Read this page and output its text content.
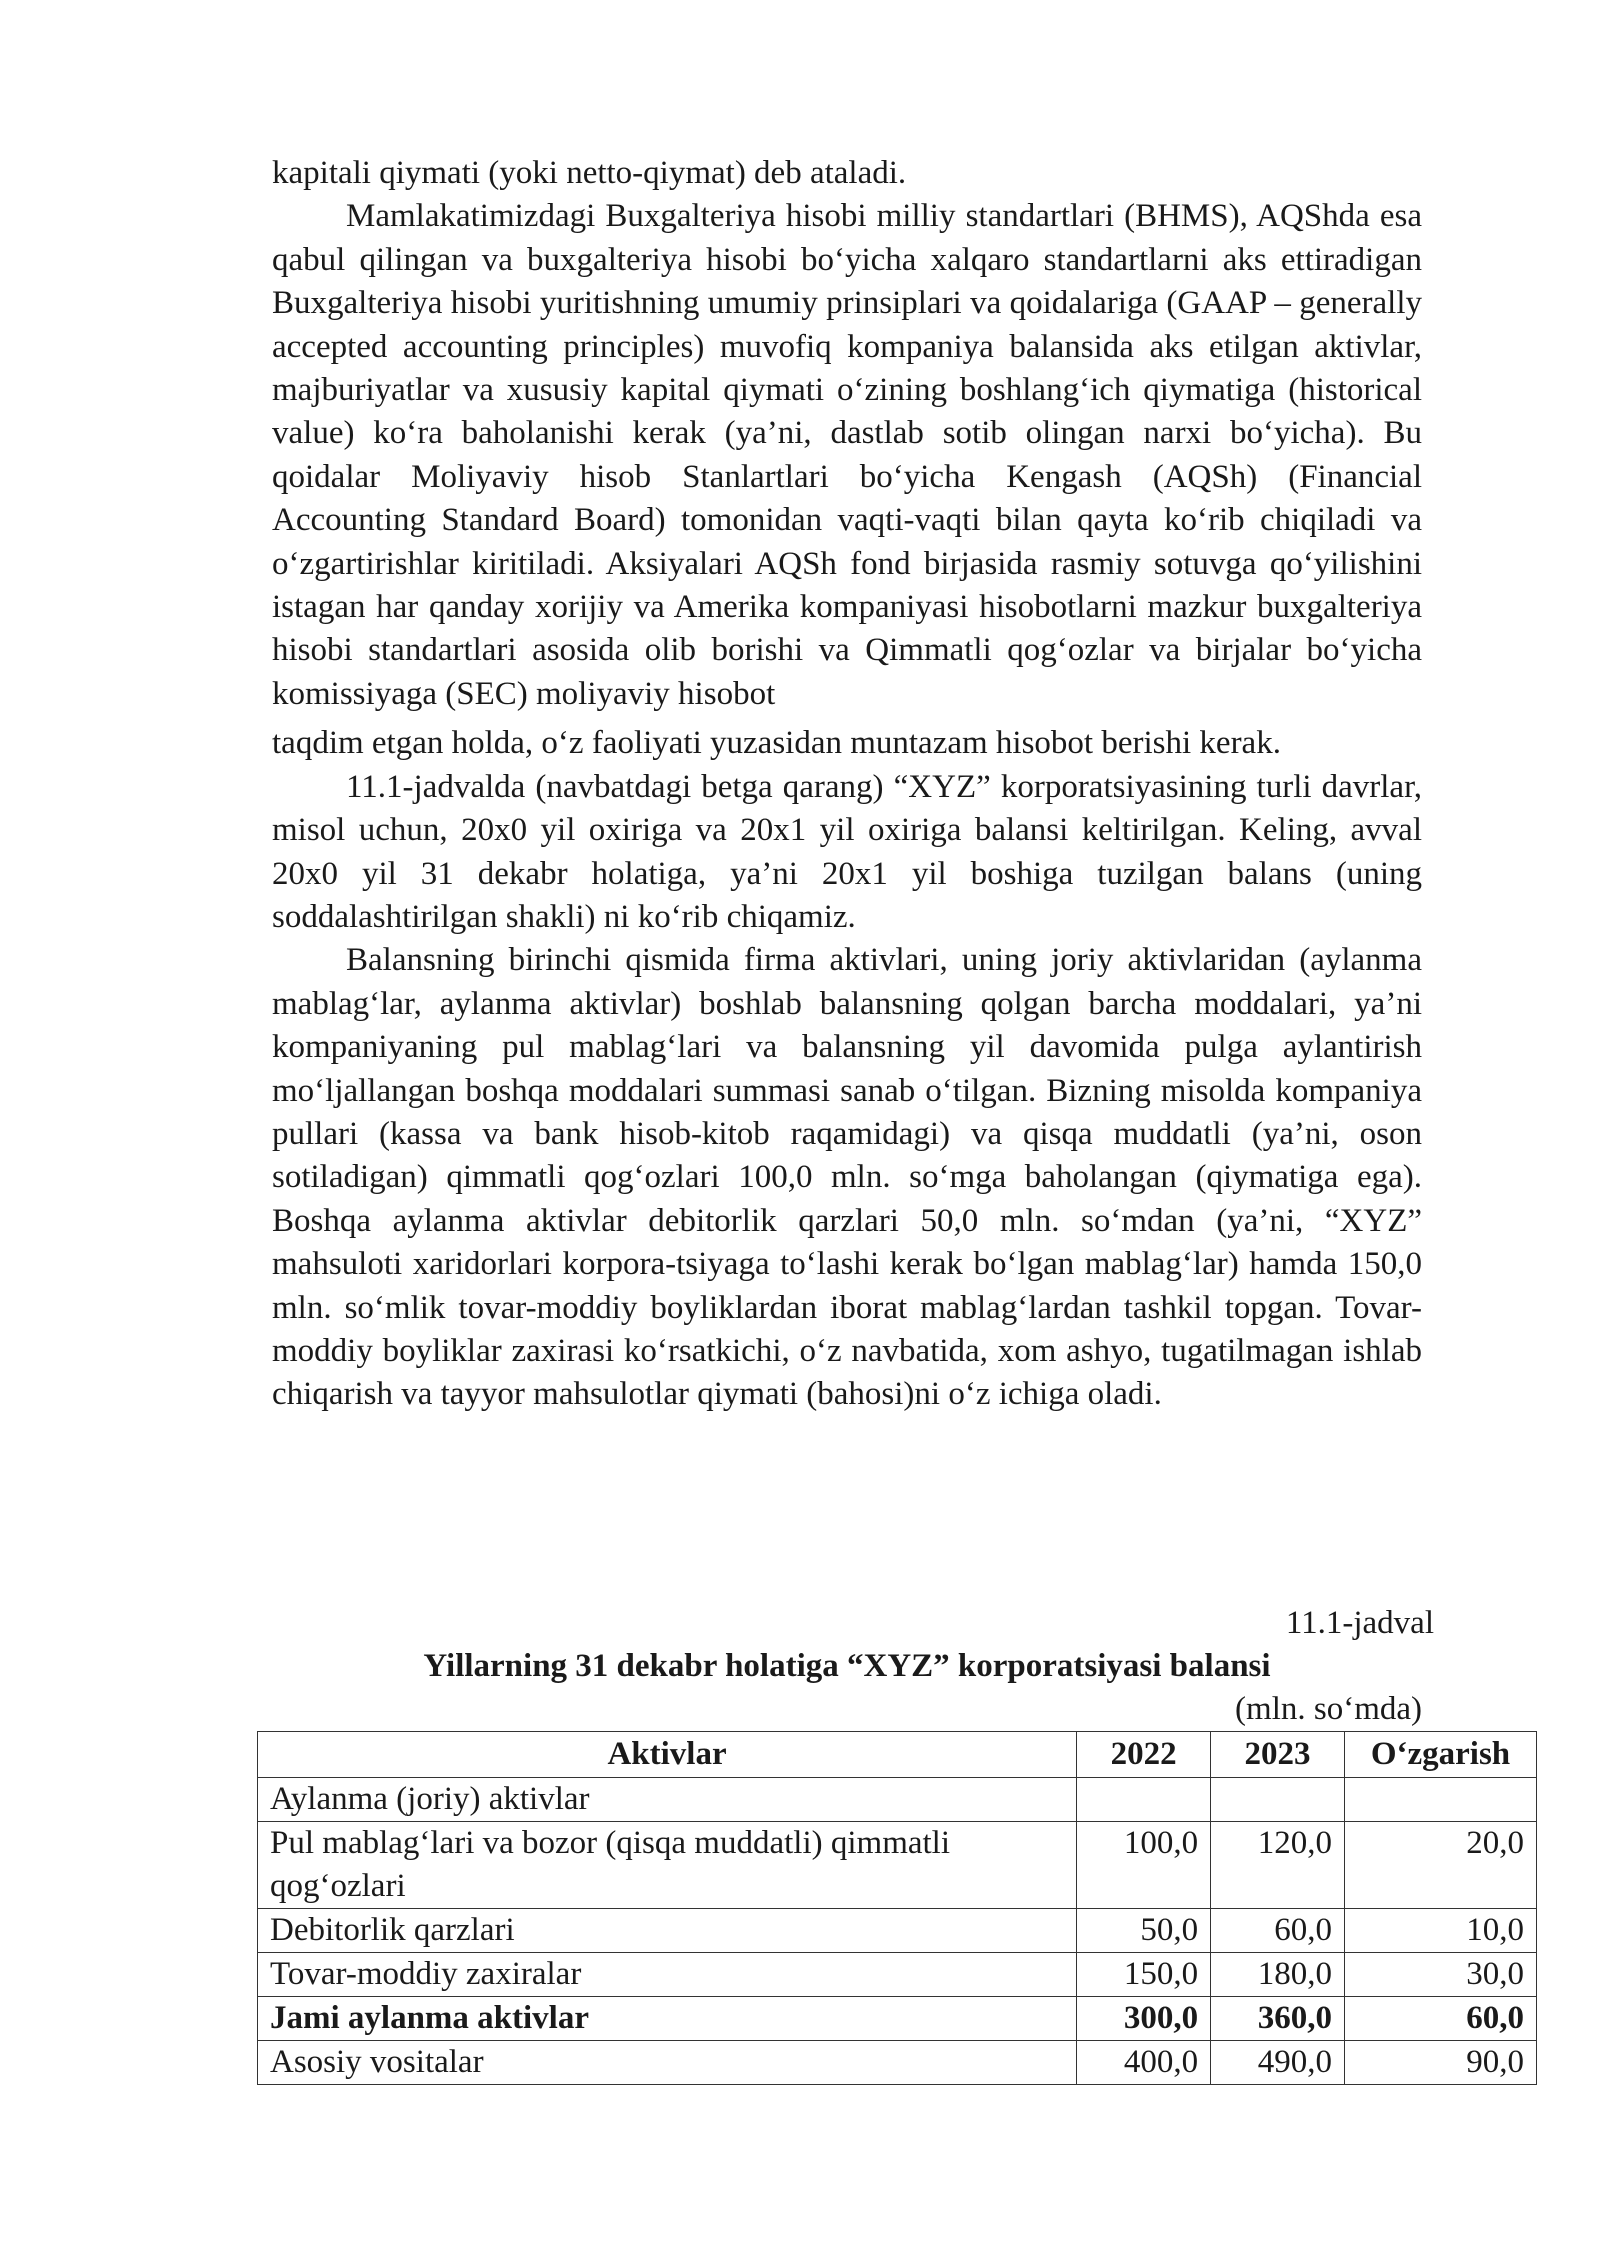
kapitali qiymati (yoki netto-qiymat) deb ataladi.

Mamlakatimizdagi Buxgalteriya hisobi milliy standartlari (BHMS), AQShda esa qabul qilingan va buxgalteriya hisobi bo‘yicha xalqaro standartlarni aks ettiradigan Buxgalteriya hisobi yuritishning umumiy prinsiplari va qoidalariga (GAAP – generally accepted accounting principles) muvofiq kompaniya balansida aks etilgan aktivlar, majburiyatlar va xususiy kapital qiymati o‘zining boshlang‘ich qiymatiga (historical value) ko‘ra baholanishi kerak (ya’ni, dastlab sotib olingan narxi bo‘yicha). Bu qoidalar Moliyaviy hisob Stanlartlari bo‘yicha Kengash (AQSh) (Financial Accounting Standard Board) tomonidan vaqti-vaqti bilan qayta ko‘rib chiqiladi va o‘zgartirishlar kiritiladi. Aksiyalari AQSh fond birjasida rasmiy sotuvga qo‘yilishini istagan har qanday xorijiy va Amerika kompaniyasi hisobotlarni mazkur buxgalteriya hisobi standartlari asosida olib borishi va Qimmatli qog‘ozlar va birjalar bo‘yicha komissiyaga (SEC) moliyaviy hisobot

taqdim etgan holda, o‘z faoliyati yuzasidan muntazam hisobot berishi kerak.

11.1-jadvalda (navbatdagi betga qarang) “XYZ” korporatsiyasining turli davrlar, misol uchun, 20x0 yil oxiriga va 20x1 yil oxiriga balansi keltirilgan. Keling, avval 20x0 yil 31 dekabr holatiga, ya’ni 20x1 yil boshiga tuzilgan balans (uning soddalashtirilgan shakli) ni ko‘rib chiqamiz.

Balansning birinchi qismida firma aktivlari, uning joriy aktivlaridan (aylanma mablag‘lar, aylanma aktivlar) boshlab balansning qolgan barcha moddalari, ya’ni kompaniyaning pul mablag‘lari va balansning yil davomida pulga aylantirish mo‘ljallangan boshqa moddalari summasi sanab o‘tilgan. Bizning misolda kompaniya pullari (kassa va bank hisob-kitob raqamidagi) va qisqa muddatli (ya’ni, oson sotiladigan) qimmatli qog‘ozlari 100,0 mln. so‘mga baholangan (qiymatiga ega). Boshqa aylanma aktivlar debitorlik qarzlari 50,0 mln. so‘mdan (ya’ni, “XYZ” mahsuloti xaridorlari korpora-tsiyaga to‘lashi kerak bo‘lgan mablag‘lar) hamda 150,0 mln. so‘mlik tovar-moddiy boyliklardan iborat mablag‘lardan tashkil topgan. Tovar-moddiy boyliklar zaxirasi ko‘rsatkichi, o‘z navbatida, xom ashyo, tugatilmagan ishlab chiqarish va tayyor mahsulotlar qiymati (bahosi)ni o‘z ichiga oladi.

11.1-jadval
Yillarning 31 dekabr holatiga “XYZ” korporatsiyasi balansi
(mln. so‘mda)
Aktivlar	2022	2023	O‘zgarish
Aylanma (joriy) aktivlar			
Pul mablag‘lari va bozor (qisqa muddatli) qimmatli qog‘ozlari	100,0	120,0	20,0
Debitorlik qarzlari	50,0	60,0	10,0
Tovar-moddiy zaxiralar	150,0	180,0	30,0
Jami aylanma aktivlar	300,0	360,0	60,0
Asosiy vositalar	400,0	490,0	90,0
